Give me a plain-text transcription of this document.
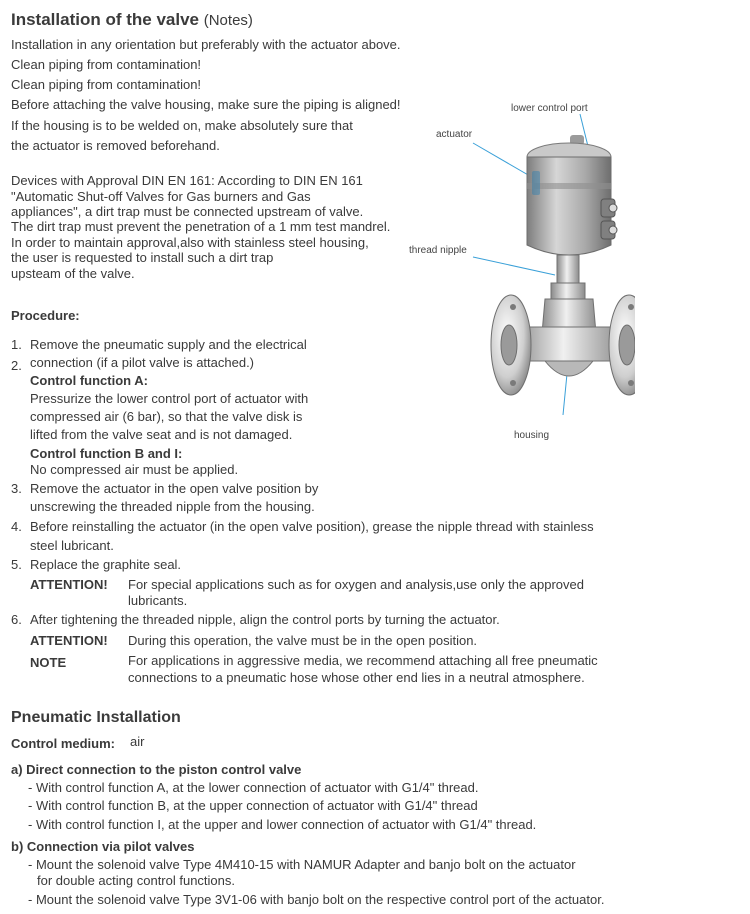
Installation of the valve (Notes)
Installation in any orientation but preferably with the actuator above.
Clean piping from contamination!
Clean piping from contamination!
Before attaching the valve housing, make sure the piping is aligned!
If the housing is to be welded on, make absolutely sure that
the actuator is removed beforehand.
Devices with Approval DIN EN 161: According to DIN EN 161
"Automatic Shut-off Valves for Gas burners and Gas
appliances", a dirt trap must be connected upstream of valve.
The dirt trap must prevent the penetration of a 1 mm test mandrel.
In order to maintain approval,also with stainless steel housing,
the user is requested to install such a dirt trap
upsteam of the valve.
lower control port
actuator
thread nipple
housing
Procedure:
1. Remove the pneumatic supply and the electrical
2. connection (if a pilot valve is attached.)
Control function A:
Pressurize the lower control port of actuator with
compressed air (6 bar), so that the valve disk is
lifted from the valve seat and is not damaged.
Control function B and I:
No compressed air must be applied.
3. Remove the actuator in the open valve position by
unscrewing the threaded nipple from the housing.
4. Before reinstalling the actuator (in the open valve position), grease the nipple thread with stainless
steel lubricant.
5. Replace the graphite seal.
ATTENTION! For special applications such as for oxygen and analysis,use only the approved
lubricants.
6. After tightening the threaded nipple, align the control ports by turning the actuator.
ATTENTION! During this operation, the valve must be in the open position.
NOTE	For applications in aggressive media, we recommend attaching all free pneumatic
connections to a pneumatic hose whose other end lies in a neutral atmosphere.
Pneumatic Installation
Control medium: air
a) Direct connection to the piston control valve
- With control function A, at the lower connection of actuator with G1/4" thread.
- With control function B, at the upper connection of actuator with G1/4" thread
- With control function I, at the upper and lower connection of actuator with G1/4" thread.
b) Connection via pilot valves
- Mount the solenoid valve Type 4M410-15 with NAMUR Adapter and banjo bolt on the actuator
for double acting control functions.
- Mount the solenoid valve Type 3V1-06 with banjo bolt on the respective control port of the actuator.
